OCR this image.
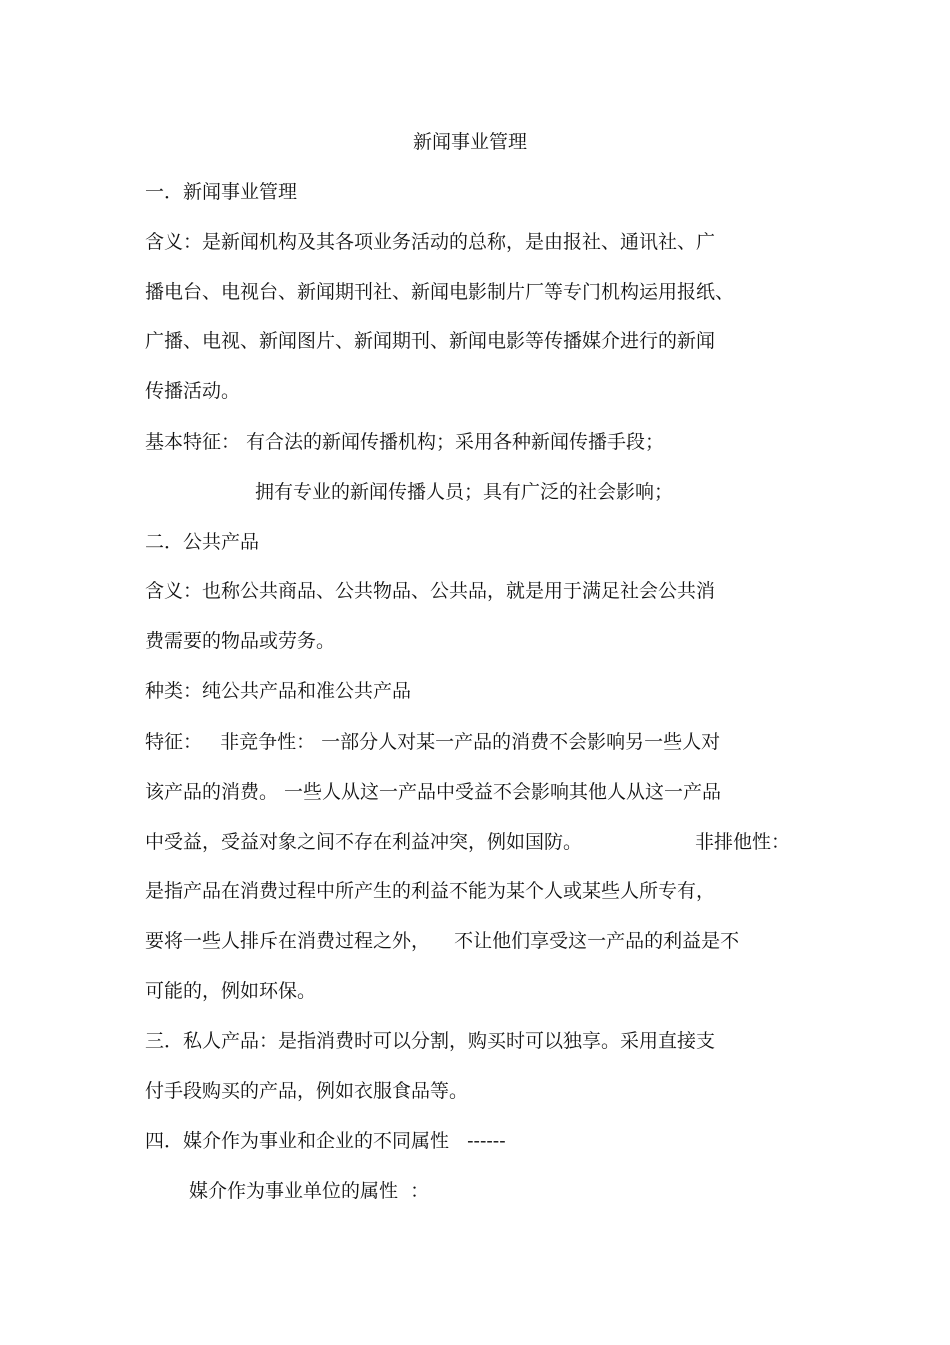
新闻事业管理
一．新闻事业管理
含义：是新闻机构及其各项业务活动的总称，是由报社、通讯社、广
播电台、电视台、新闻期刊社、新闻电影制片厂等专门机构运用报纸、
广播、电视、新闻图片、新闻期刊、新闻电影等传播媒介进行的新闻
传播活动。
基本特征： 有合法的新闻传播机构；采用各种新闻传播手段；
拥有专业的新闻传播人员；具有广泛的社会影响；
二．公共产品
含义：也称公共商品、公共物品、公共品，就是用于满足社会公共消
费需要的物品或劳务。
种类：纯公共产品和准公共产品
特征：   非竞争性： 一部分人对某一产品的消费不会影响另一些人对
该产品的消费。 一些人从这一产品中受益不会影响其他人从这一产品
中受益，受益对象之间不存在利益冲突，例如国防。	非排他性：
是指产品在消费过程中所产生的利益不能为某个人或某些人所专有，
要将一些人排斥在消费过程之外，    不让他们享受这一产品的利益是不
可能的，例如环保。
三．私人产品：是指消费时可以分割，购买时可以独享。采用直接支
付手段购买的产品，例如衣服食品等。
四．媒介作为事业和企业的不同属性   ------
媒介作为事业单位的属性  ：
